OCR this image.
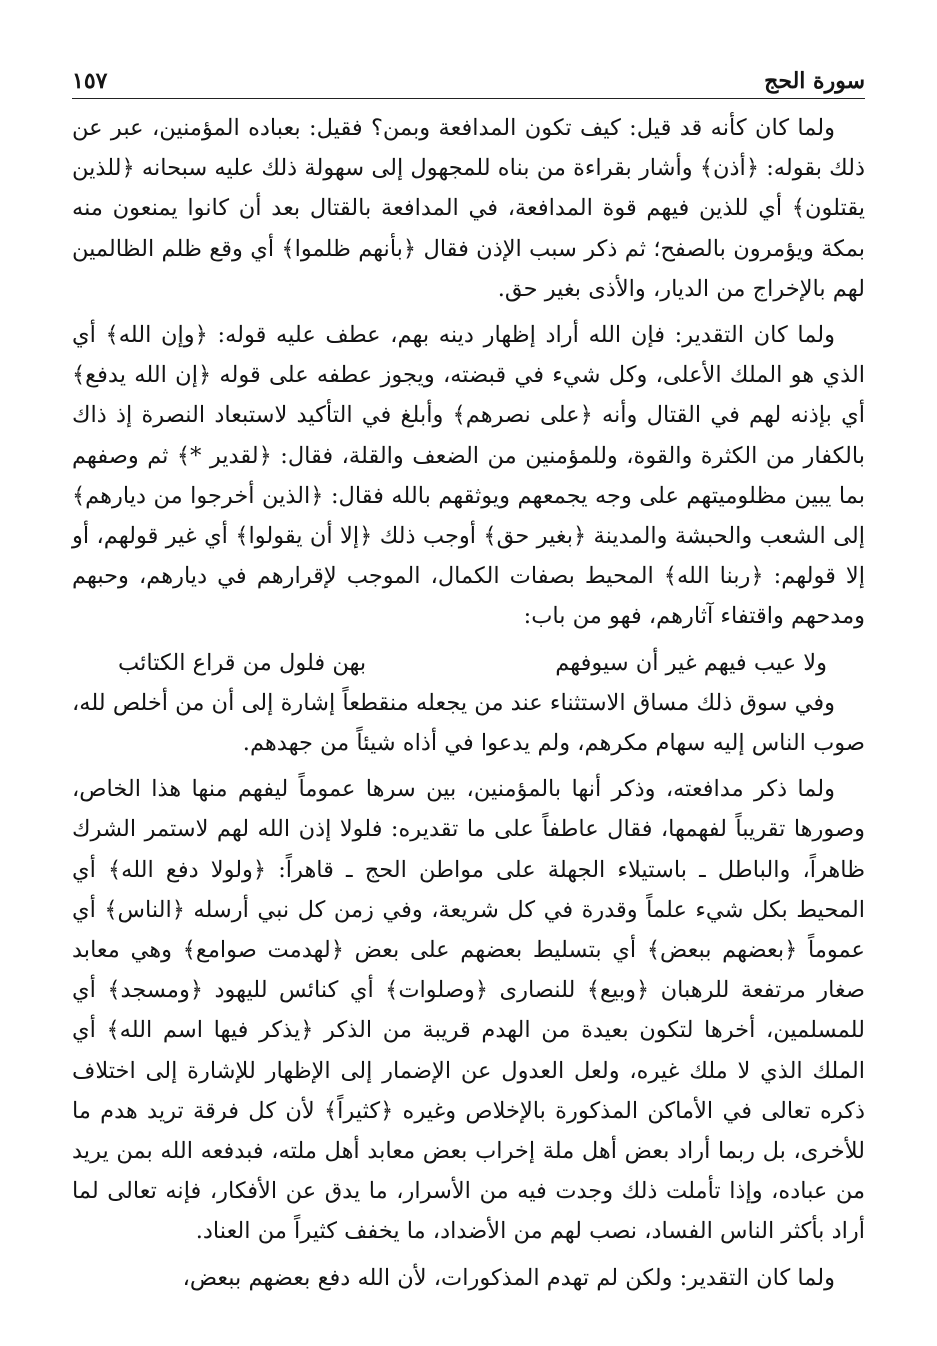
سورة الحج
١٥٧

ولما كان كأنه قد قيل: كيف تكون المدافعة وبمن؟ فقيل: بعباده المؤمنين، عبر عن ذلك بقوله: ﴿أذن﴾ وأشار بقراءة من بناه للمجهول إلى سهولة ذلك عليه سبحانه ﴿للذين يقتلون﴾ أي للذين فيهم قوة المدافعة، في المدافعة بالقتال بعد أن كانوا يمنعون منه بمكة ويؤمرون بالصفح؛ ثم ذكر سبب الإذن فقال ﴿بأنهم ظلموا﴾ أي وقع ظلم الظالمين لهم بالإخراج من الديار، والأذى بغير حق.

ولما كان التقدير: فإن الله أراد إظهار دينه بهم، عطف عليه قوله: ﴿وإن الله﴾ أي الذي هو الملك الأعلى، وكل شيء في قبضته، ويجوز عطفه على قوله ﴿إن الله يدفع﴾ أي بإذنه لهم في القتال وأنه ﴿على نصرهم﴾ وأبلغ في التأكيد لاستبعاد النصرة إذ ذاك بالكفار من الكثرة والقوة، وللمؤمنين من الضعف والقلة، فقال: ﴿لقدير *﴾ ثم وصفهم بما يبين مظلوميتهم على وجه يجمعهم ويوثقهم بالله فقال: ﴿الذين أخرجوا من ديارهم﴾ إلى الشعب والحبشة والمدينة ﴿بغير حق﴾ أوجب ذلك ﴿إلا أن يقولوا﴾ أي غير قولهم، أو إلا قولهم: ﴿ربنا الله﴾ المحيط بصفات الكمال، الموجب لإقرارهم في ديارهم، وحبهم ومدحهم واقتفاء آثارهم، فهو من باب:

ولا عيب فيهم غير أن سيوفهم
بهن فلول من قراع الكتائب

وفي سوق ذلك مساق الاستثناء عند من يجعله منقطعاً إشارة إلى أن من أخلص لله، صوب الناس إليه سهام مكرهم، ولم يدعوا في أذاه شيئاً من جهدهم.

ولما ذكر مدافعته، وذكر أنها بالمؤمنين، بين سرها عموماً ليفهم منها هذا الخاص، وصورها تقريباً لفهمها، فقال عاطفاً على ما تقديره: فلولا إذن الله لهم لاستمر الشرك ظاهراً، والباطل ـ باستيلاء الجهلة على مواطن الحج ـ قاهراً: ﴿ولولا دفع الله﴾ أي المحيط بكل شيء علماً وقدرة في كل شريعة، وفي زمن كل نبي أرسله ﴿الناس﴾ أي عموماً ﴿بعضهم ببعض﴾ أي بتسليط بعضهم على بعض ﴿لهدمت صوامع﴾ وهي معابد صغار مرتفعة للرهبان ﴿وبيع﴾ للنصارى ﴿وصلوات﴾ أي كنائس لليهود ﴿ومسجد﴾ أي للمسلمين، أخرها لتكون بعيدة من الهدم قريبة من الذكر ﴿يذكر فيها اسم الله﴾ أي الملك الذي لا ملك غيره، ولعل العدول عن الإضمار إلى الإظهار للإشارة إلى اختلاف ذكره تعالى في الأماكن المذكورة بالإخلاص وغيره ﴿كثيراً﴾ لأن كل فرقة تريد هدم ما للأخرى، بل ربما أراد بعض أهل ملة إخراب بعض معابد أهل ملته، فبدفعه الله بمن يريد من عباده، وإذا تأملت ذلك وجدت فيه من الأسرار، ما يدق عن الأفكار، فإنه تعالى لما أراد بأكثر الناس الفساد، نصب لهم من الأضداد، ما يخفف كثيراً من العناد.

ولما كان التقدير: ولكن لم تهدم المذكورات، لأن الله دفع بعضهم ببعض،
